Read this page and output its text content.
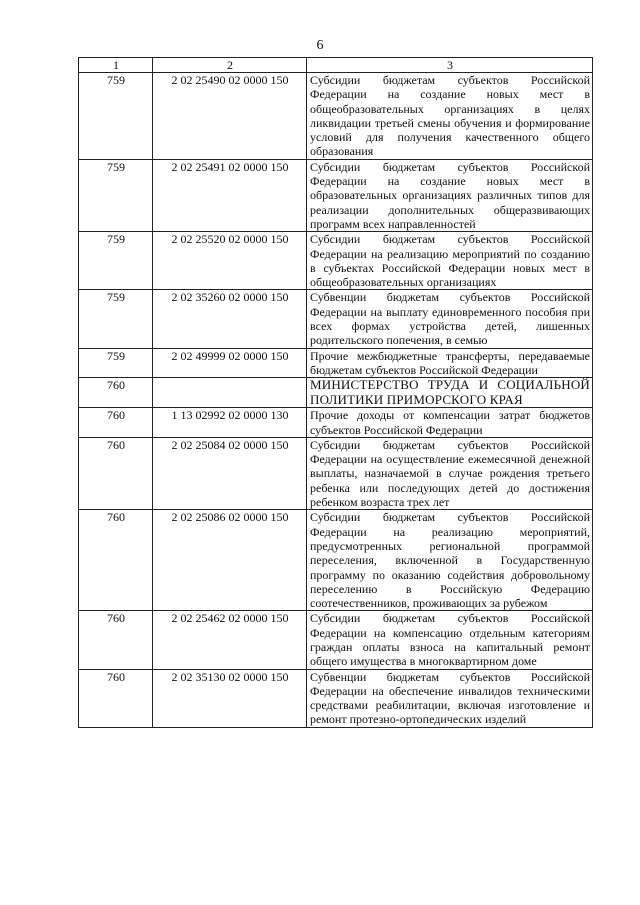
6
1	2	3
759	2 02 25490 02 0000 150	Субсидии бюджетам субъектов Российской Федерации на создание новых мест в общеобразовательных организациях в целях ликвидации третьей смены обучения и формирование условий для получения качественного общего образования
759	2 02 25491 02 0000 150	Субсидии бюджетам субъектов Российской Федерации на создание новых мест в образовательных организациях различных типов для реализации дополнительных общеразвивающих программ всех направленностей
759	2 02 25520 02 0000 150	Субсидии бюджетам субъектов Российской Федерации на реализацию мероприятий по созданию в субъектах Российской Федерации новых мест в общеобразовательных организациях
759	2 02 35260 02 0000 150	Субвенции бюджетам субъектов Российской Федерации на выплату единовременного пособия при всех формах устройства детей, лишенных родительского попечения, в семью
759	2 02 49999 02 0000 150	Прочие межбюджетные трансферты, передаваемые бюджетам субъектов Российской Федерации
760		МИНИСТЕРСТВО ТРУДА И СОЦИАЛЬНОЙ ПОЛИТИКИ ПРИМОРСКОГО КРАЯ
760	1 13 02992 02 0000 130	Прочие доходы от компенсации затрат бюджетов субъектов Российской Федерации
760	2 02 25084 02 0000 150	Субсидии бюджетам субъектов Российской Федерации на осуществление ежемесячной денежной выплаты, назначаемой в случае рождения третьего ребенка или последующих детей до достижения ребенком возраста трех лет
760	2 02 25086 02 0000 150	Субсидии бюджетам субъектов Российской Федерации на реализацию мероприятий, предусмотренных региональной программой переселения, включенной в Государственную программу по оказанию содействия добровольному переселению в Российскую Федерацию соотечественников, проживающих за рубежом
760	2 02 25462 02 0000 150	Субсидии бюджетам субъектов Российской Федерации на компенсацию отдельным категориям граждан оплаты взноса на капитальный ремонт общего имущества в многоквартирном доме
760	2 02 35130 02 0000 150	Субвенции бюджетам субъектов Российской Федерации на обеспечение инвалидов техническими средствами реабилитации, включая изготовление и ремонт протезно-ортопедических изделий
